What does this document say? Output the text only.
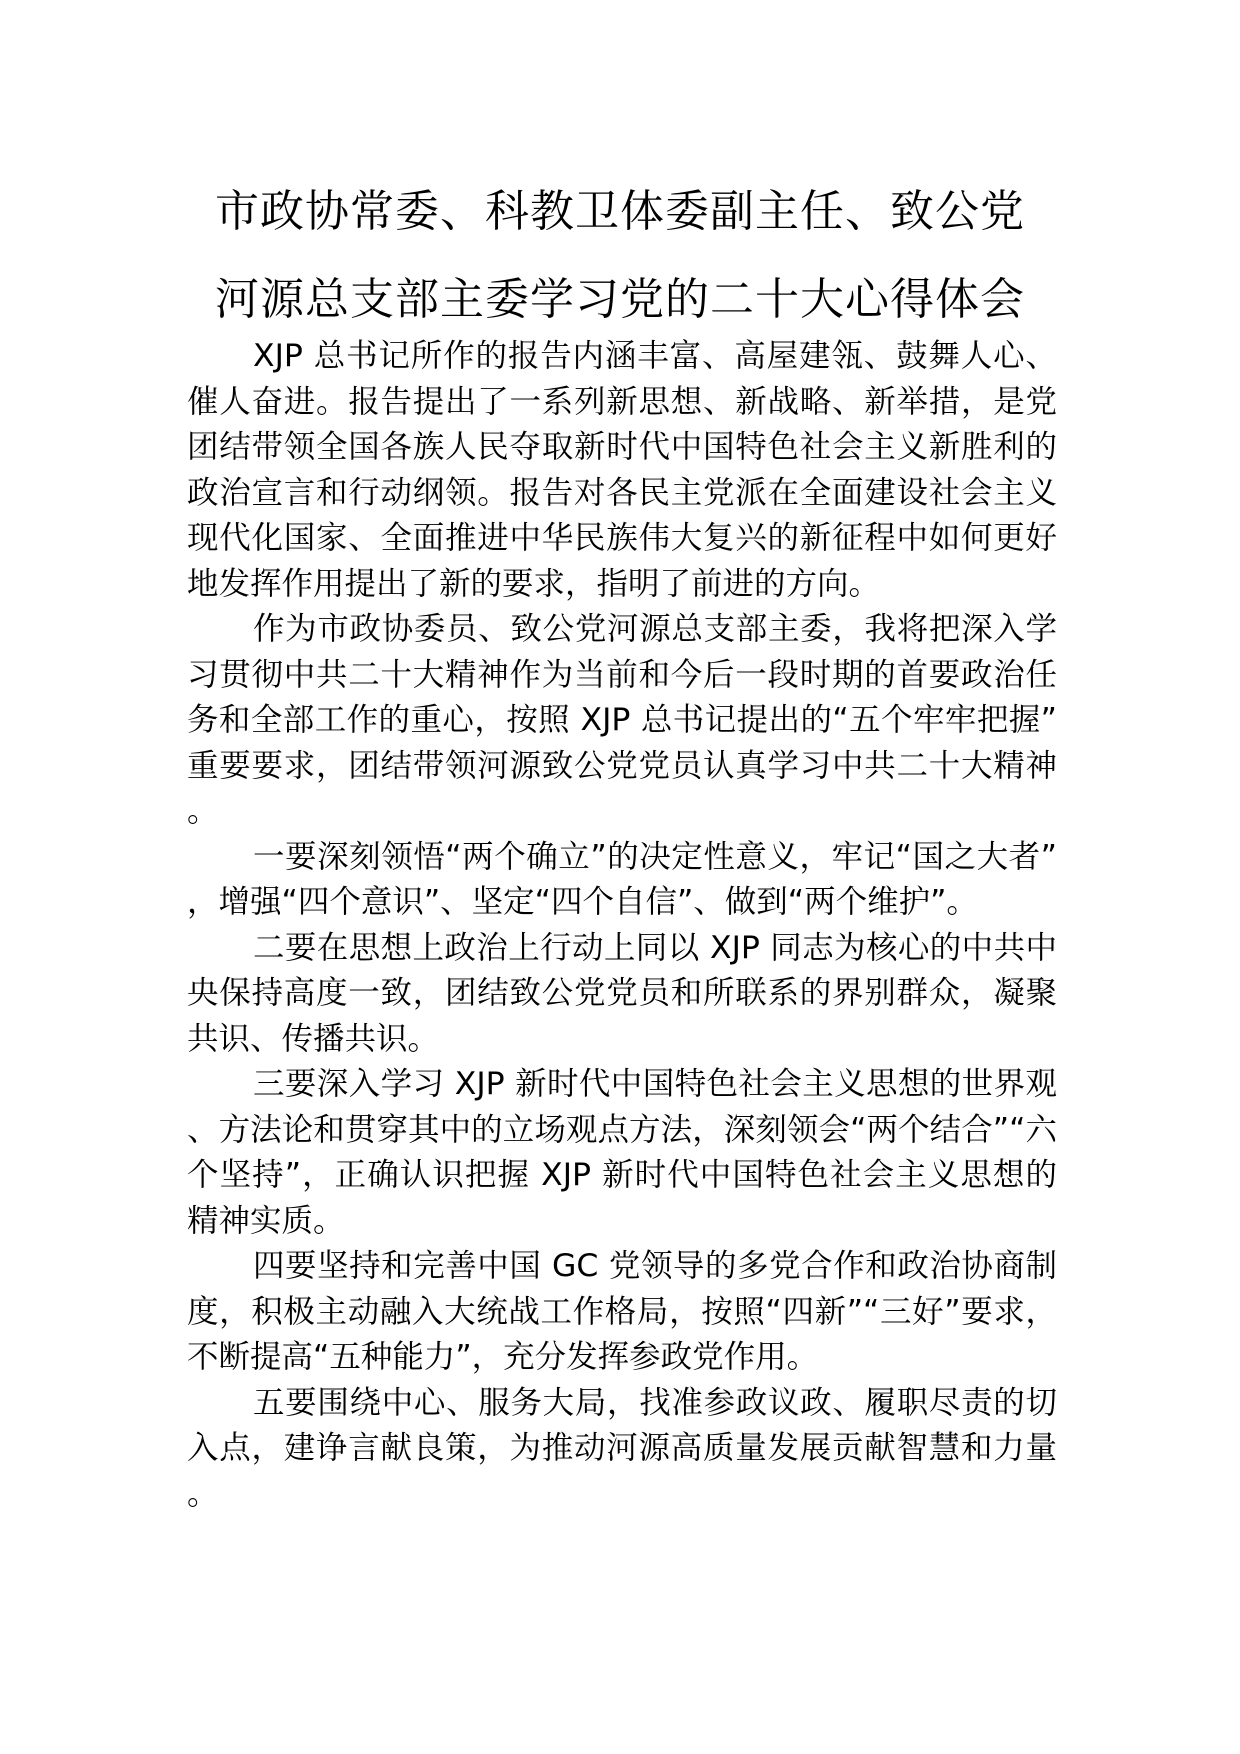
市政协常委、科教卫体委副主任、致公党
河源总支部主委学习党的二十大心得体会

XJP 总书记所作的报告内涵丰富、高屋建瓴、鼓舞人心、催人奋进。报告提出了一系列新思想、新战略、新举措，是党团结带领全国各族人民夺取新时代中国特色社会主义新胜利的政治宣言和行动纲领。报告对各民主党派在全面建设社会主义现代化国家、全面推进中华民族伟大复兴的新征程中如何更好地发挥作用提出了新的要求，指明了前进的方向。

作为市政协委员、致公党河源总支部主委，我将把深入学习贯彻中共二十大精神作为当前和今后一段时期的首要政治任务和全部工作的重心，按照 XJP 总书记提出的“五个牢牢把握”重要要求，团结带领河源致公党党员认真学习中共二十大精神。

一要深刻领悟“两个确立”的决定性意义，牢记“国之大者”，增强“四个意识”、坚定“四个自信”、做到“两个维护”。

二要在思想上政治上行动上同以 XJP 同志为核心的中共中央保持高度一致，团结致公党党员和所联系的界别群众，凝聚共识、传播共识。

三要深入学习 XJP 新时代中国特色社会主义思想的世界观、方法论和贯穿其中的立场观点方法，深刻领会“两个结合”“六个坚持”，正确认识把握 XJP 新时代中国特色社会主义思想的精神实质。

四要坚持和完善中国 GC 党领导的多党合作和政治协商制度，积极主动融入大统战工作格局，按照“四新”“三好”要求，不断提高“五种能力”，充分发挥参政党作用。

五要围绕中心、服务大局，找准参政议政、履职尽责的切入点，建诤言献良策，为推动河源高质量发展贡献智慧和力量。
